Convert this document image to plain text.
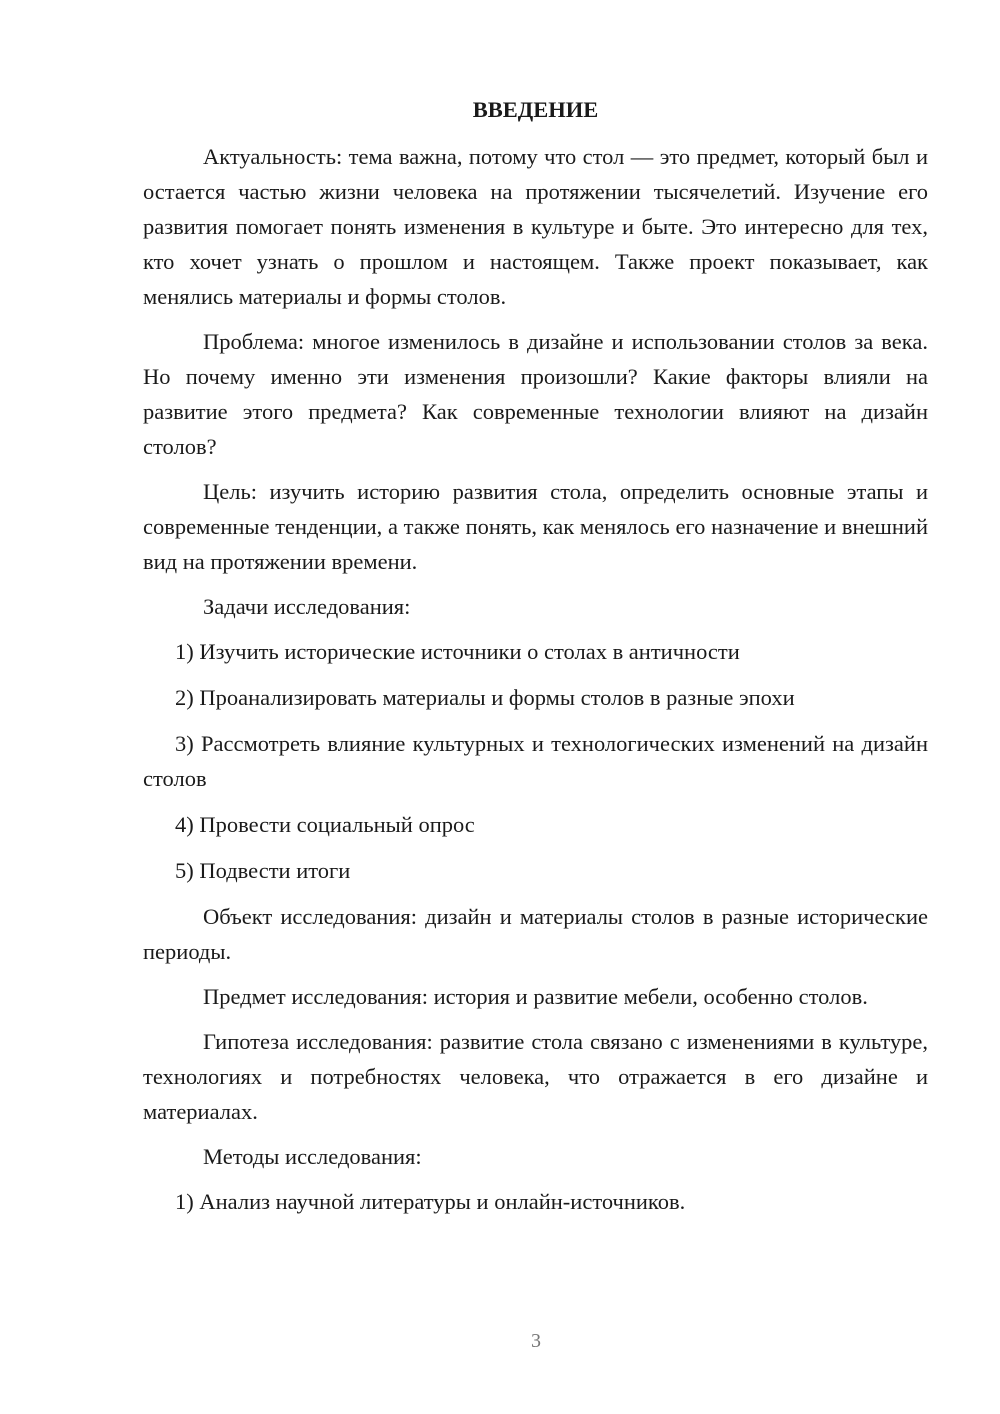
ВВЕДЕНИЕ

Актуальность: тема важна, потому что стол — это предмет, который был и остается частью жизни человека на протяжении тысячелетий. Изучение его развития помогает понять изменения в культуре и быте. Это интересно для тех, кто хочет узнать о прошлом и настоящем. Также проект показывает, как менялись материалы и формы столов.

Проблема: многое изменилось в дизайне и использовании столов за века. Но почему именно эти изменения произошли? Какие факторы влияли на развитие этого предмета? Как современные технологии влияют на дизайн столов?

Цель: изучить историю развития стола, определить основные этапы и современные тенденции, а также понять, как менялось его назначение и внешний вид на протяжении времени.

Задачи исследования:

1) Изучить исторические источники о столах в античности

2) Проанализировать материалы и формы столов в разные эпохи

3) Рассмотреть влияние культурных и технологических изменений на дизайн столов

4) Провести социальный опрос

5) Подвести итоги

Объект исследования: дизайн и материалы столов в разные исторические периоды.

Предмет исследования: история и развитие мебели, особенно столов.

Гипотеза исследования: развитие стола связано с изменениями в культуре, технологиях и потребностях человека, что отражается в его дизайне и материалах.

Методы исследования:

1) Анализ научной литературы и онлайн-источников.

3
